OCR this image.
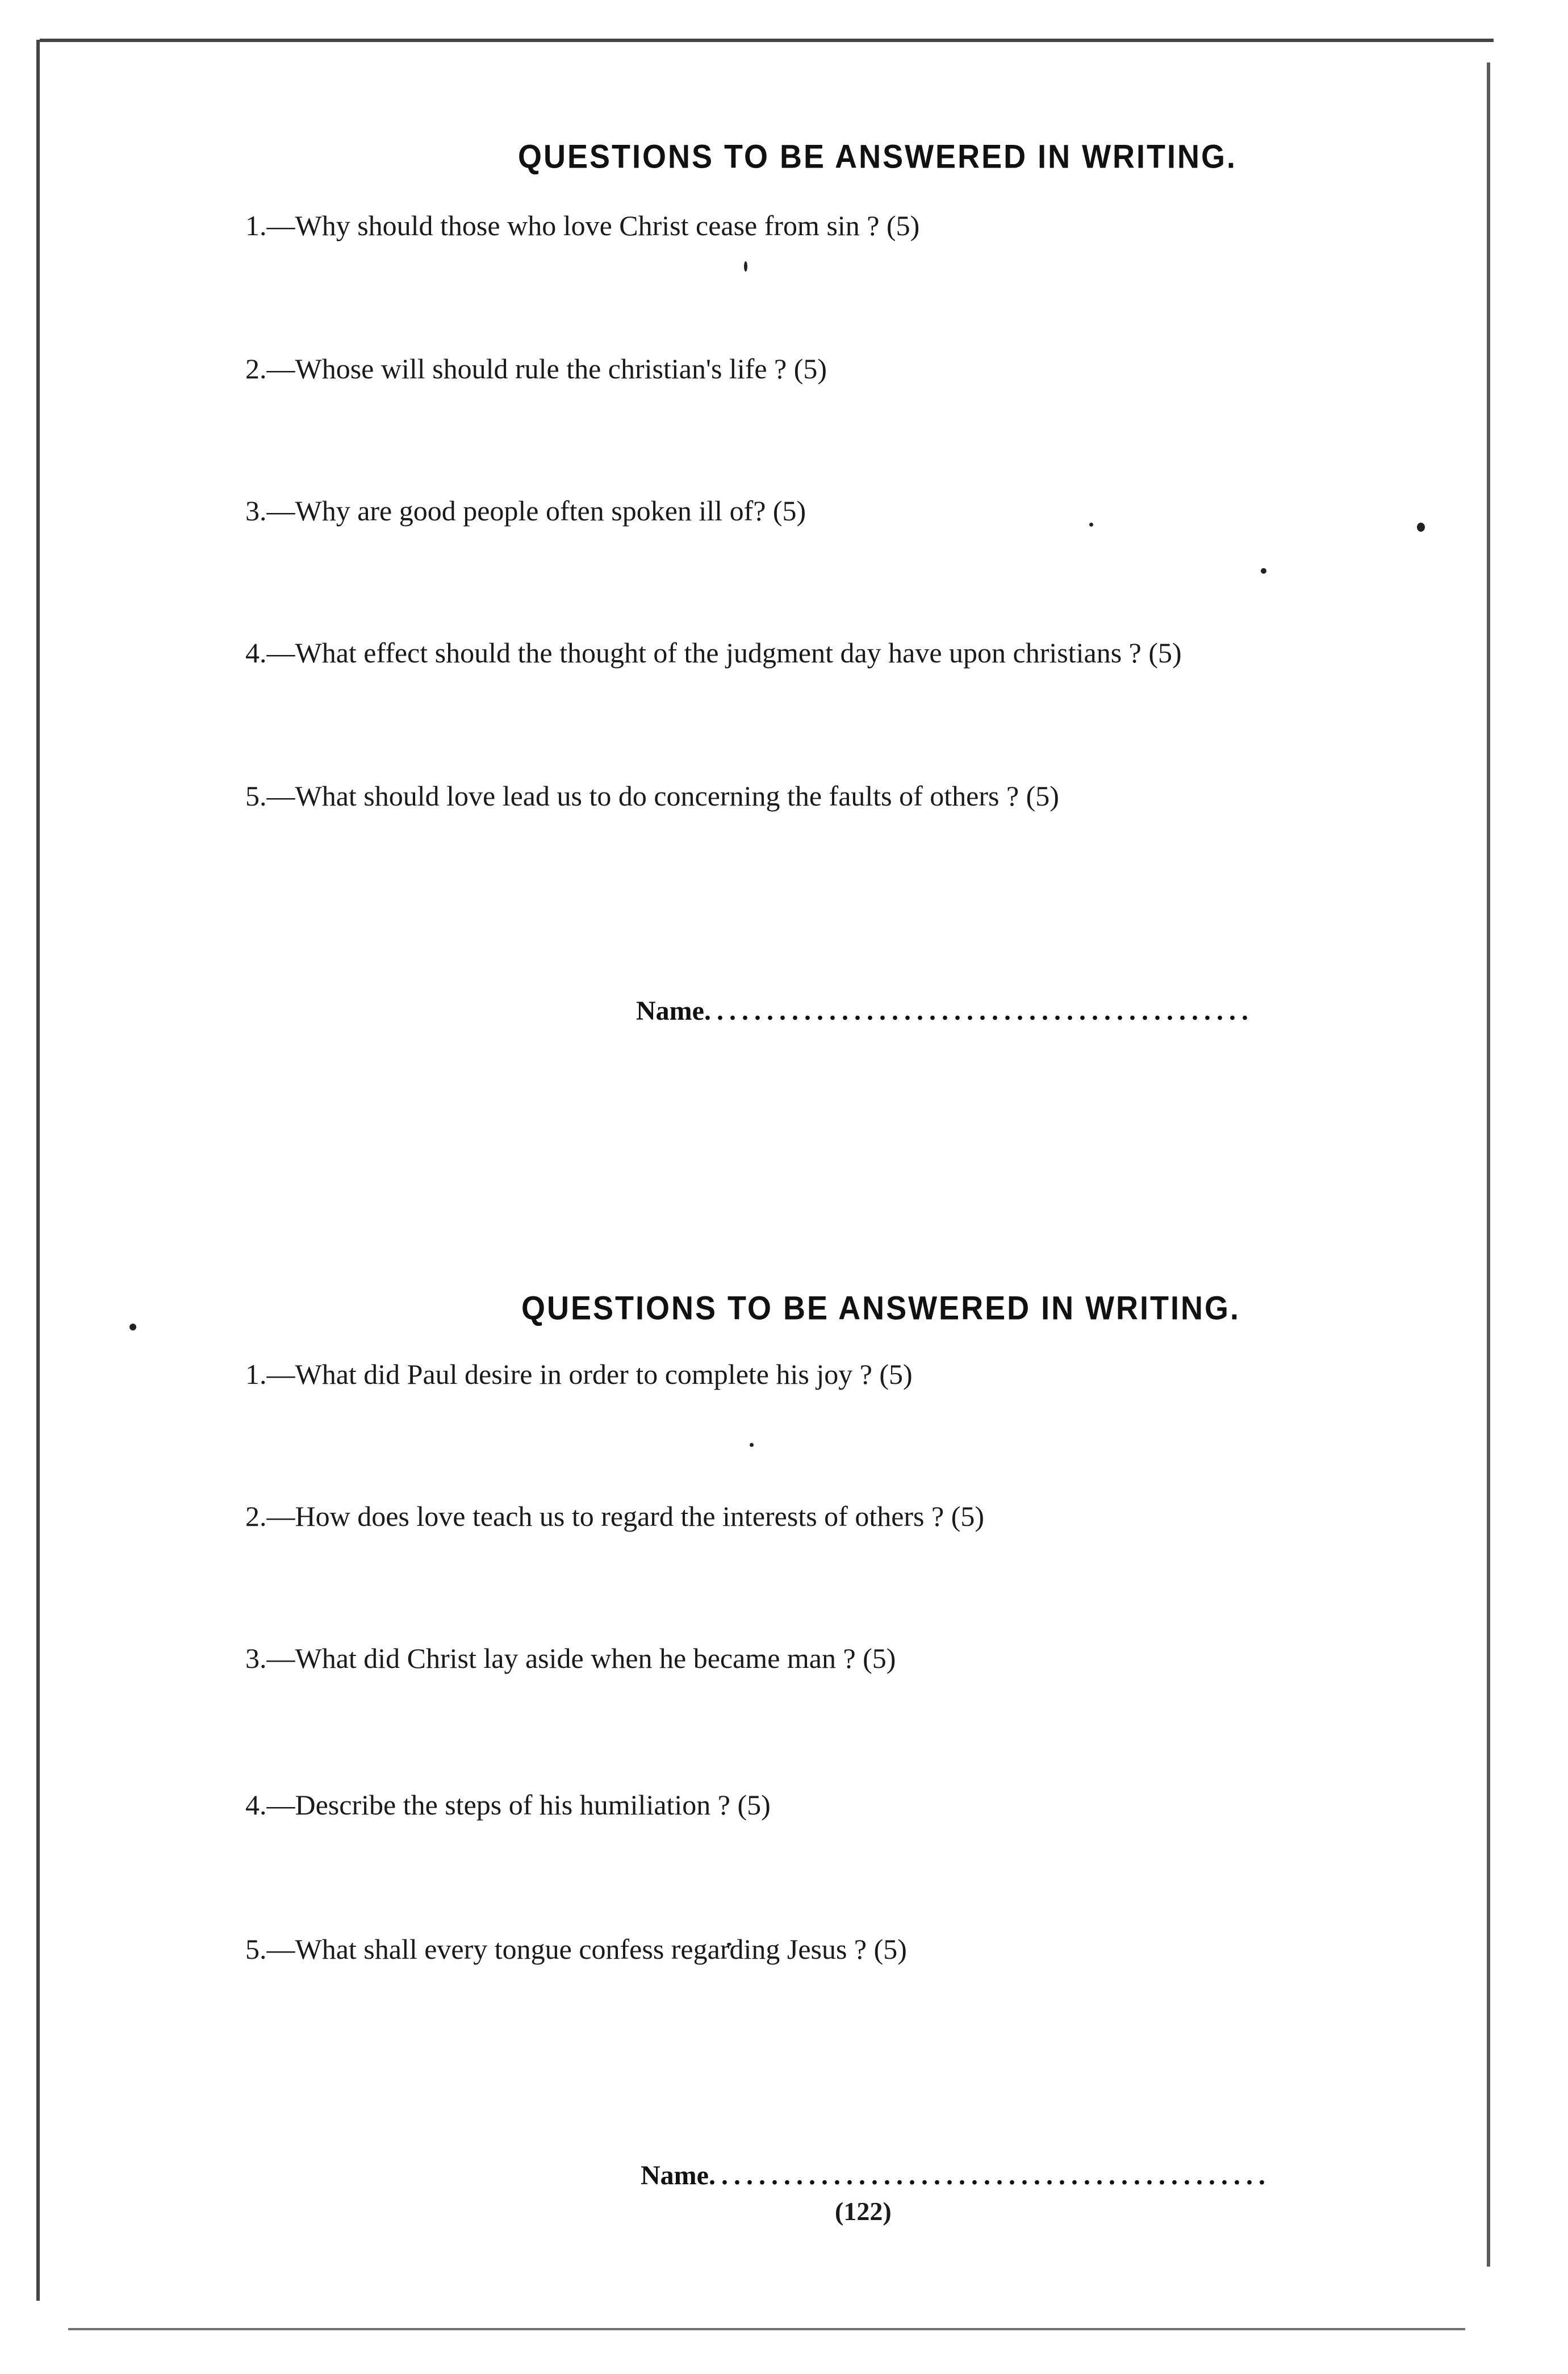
QUESTIONS TO BE ANSWERED IN WRITING.
1.—Why should those who love Christ cease from sin ? (5)
2.—Whose will should rule the christian's life ? (5)
3.—Why are good people often spoken ill of? (5)
4.—What effect should the thought of the judgment day have upon christians ? (5)
5.—What should love lead us to do concerning the faults of others ? (5)
Name............................................
QUESTIONS TO BE ANSWERED IN WRITING.
1.—What did Paul desire in order to complete his joy ? (5)
2.—How does love teach us to regard the interests of others ? (5)
3.—What did Christ lay aside when he became man ? (5)
4.—Describe the steps of his humiliation ? (5)
5.—What shall every tongue confess regarding Jesus ? (5)
Name.............................................
(122)
